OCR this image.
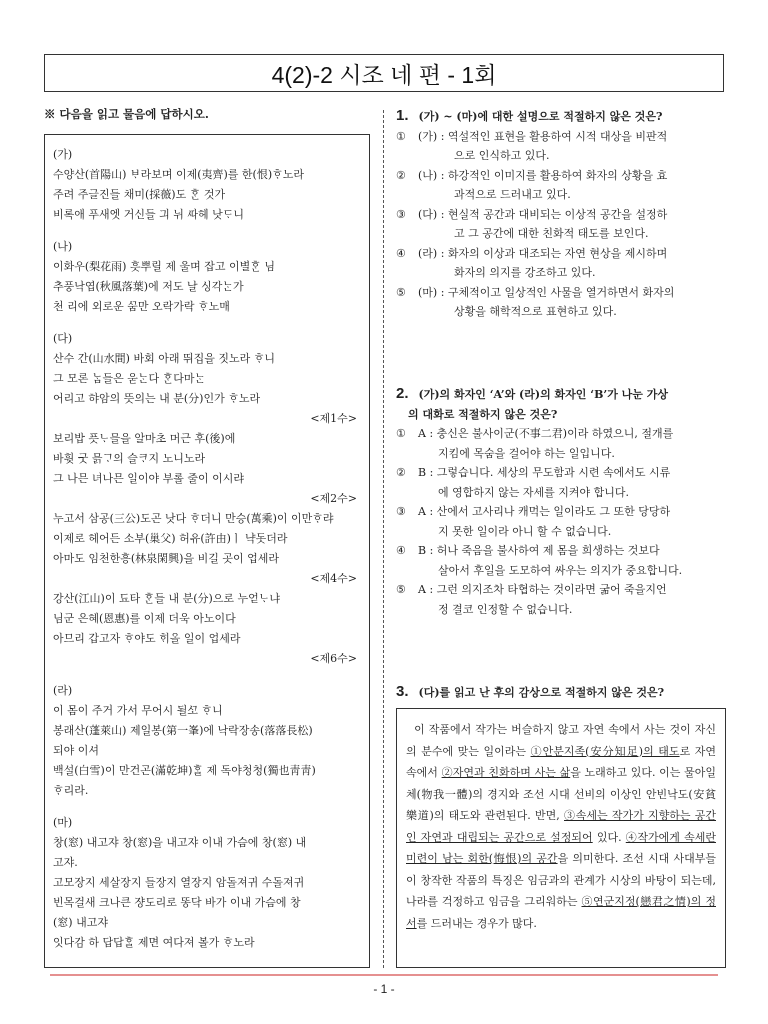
4(2)-2 시조 네 편 - 1회
※ 다음을 읽고 물음에 답하시오.
(가)
수양산(首陽山) ᄇᆞ라보며 이제(夷齊)를 한(恨)ᄒᆞ노라
주려 주글진들 채미(採薇)도 ᄒᆞᆫ 것가
비록애 푸새엣 거신들 긔 뉘 ᄯᅡ헤 낫ᄃᆞ니
(나)
이화우(梨花雨) 흣뿌릴 제 울며 잡고 이별ᄒᆞᆫ 님
추풍낙엽(秋風落葉)에 저도 날 싱각ᄂᆞᆫ가
천 리에 외로운 ᄭᅮᆷ만 오락가락 ᄒᆞ노매
(다)
산수 간(山水間) 바회 아래 뛰집을 짓노라 ᄒᆞ니
그 모론 ᄂᆞᆷ들은 욷ᄂᆞᆫ다 ᄒᆞᆫ다마ᄂᆞᆫ
어리고 햐암의 뜻의는 내 분(分)인가 ᄒᆞ노라
<제1수>
보리밥 픗ᄂᆞ믈을 알마초 머근 후(後)에
바휫 굿 믉ᄀᆞ의 슬ᄏᆞ지 노니노라
그 나믄 녀나믄 일이야 부롤 줄이 이시랴
<제2수>
누고서 삼공(三公)도곤 낫다 ᄒᆞ더니 만승(萬乘)이 이만ᄒᆞ랴
이제로 헤어든 소부(巢父) 허유(許由)ㅣ 냑돗더라
아마도 임천한흥(林泉閑興)을 비길 곳이 업세라
<제4수>
강산(江山)이 됴타 ᄒᆞᆫ들 내 분(分)으로 누얻ᄂᆞ냐
님군 은혜(恩惠)를 이제 더욱 아노이다
아므리 갑고자 ᄒᆞ야도 ᄒᆡ올 일이 업세라
<제6수>
(라)
이 몸이 주거 가서 무어시 될ᄭᅩ ᄒᆞ니
봉래산(蓬萊山) 제일봉(第一峯)에 낙락장송(落落長松)
되야 이셔
백설(白雪)이 만건곤(滿乾坤)ᄒᆞᆯ 제 독야청청(獨也靑靑)
ᄒᆞ리라.
(마)
창(窓) 내고쟈 창(窓)을 내고쟈 이내 가슴에 창(窓) 내
고쟈.
고모장지 세살장지 들장지 열장지 암돌져귀 수돌져귀
빈목걸새 크나큰 쟝도리로 똥닥 바가 이내 가슴에 창
(窓) 내고쟈
잇다감 하 답답ᄒᆞᆯ 제면 여다져 볼가 ᄒᆞ노라
1. (가) ~ (마)에 대한 설명으로 적절하지 않은 것은?
①	(가) : 역설적인 표현을 활용하여 시적 대상을 비판적
으로 인식하고 있다.
②	(나) : 하강적인 이미지를 활용하여 화자의 상황을 효
과적으로 드러내고 있다.
③	(다) : 현실적 공간과 대비되는 이상적 공간을 설정하
고 그 공간에 대한 친화적 태도를 보인다.
④	(라) : 화자의 이상과 대조되는 자연 현상을 제시하며
화자의 의지를 강조하고 있다.
⑤	(마) : 구체적이고 일상적인 사물을 열거하면서 화자의
상황을 해학적으로 표현하고 있다.
2. (가)의 화자인 ‘A’와 (라)의 화자인 ‘B’가 나눈 가상
의 대화로 적절하지 않은 것은?
①	A : 충신은 불사이군(不事二君)이라 하였으니, 절개를
지킴에 목숨을 걸어야 하는 일입니다.
②	B : 그렇습니다. 세상의 무도함과 시련 속에서도 시류
에 영합하지 않는 자세를 지켜야 합니다.
③	A : 산에서 고사리나 캐먹는 일이라도 그 또한 당당하
지 못한 일이라 아니 할 수 없습니다.
④	B : 허나 죽음을 불사하여 제 몸을 희생하는 것보다
살아서 후일을 도모하여 싸우는 의지가 중요합니다.
⑤	A : 그런 의지조차 타협하는 것이라면 굶어 죽을지언
정 결코 인정할 수 없습니다.
3. (다)를 읽고 난 후의 감상으로 적절하지 않은 것은?
이 작품에서 작가는 버슬하지 않고 자연 속에서 사는 것이 자신의 분수에 맞는 일이라는 ①안분지족(安分知足)의 태도로 자연 속에서 ②자연과 친화하며 사는 삶을 노래하고 있다. 이는 물아일체(物我一體)의 경지와 조선 시대 선비의 이상인 안빈낙도(安貧樂道)의 태도와 관련된다. 반면, ③속세는 작가가 지향하는 공간인 자연과 대립되는 공간으로 설정되어 있다. ④작가에게 속세란 미련이 남는 회한(悔恨)의 공간을 의미한다. 조선 시대 사대부들이 창작한 작품의 특징은 임금과의 관계가 시상의 바탕이 되는데, 나라를 걱정하고 임금을 그리워하는 ⑤연군지정(戀君之情)의 정서를 드러내는 경우가 많다.
- 1 -
